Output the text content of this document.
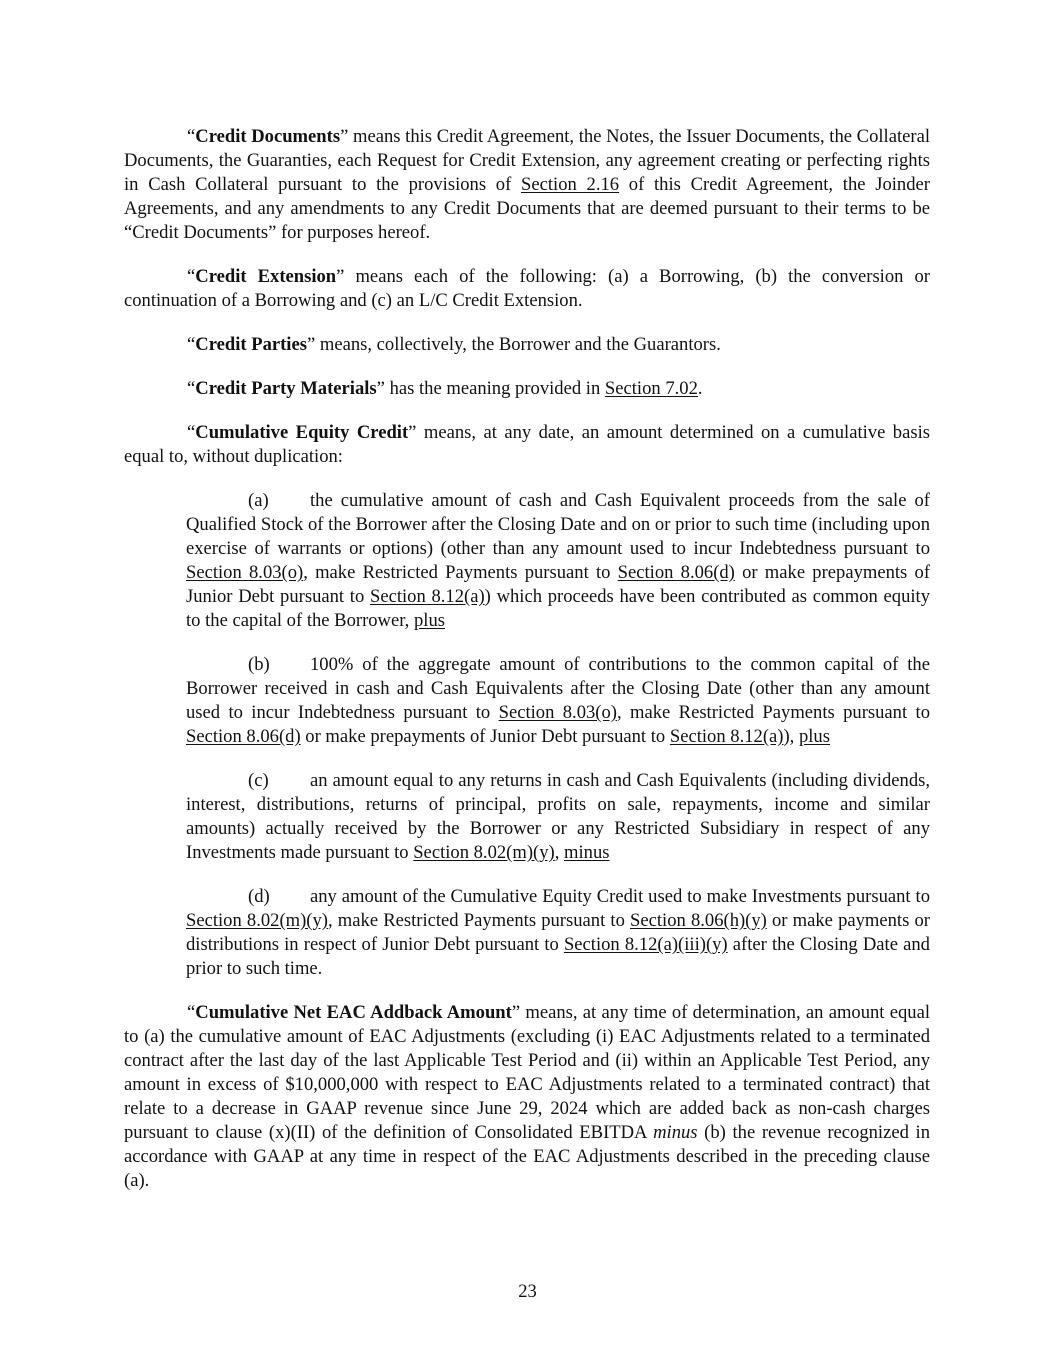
“Credit Documents” means this Credit Agreement, the Notes, the Issuer Documents, the Collateral Documents, the Guaranties, each Request for Credit Extension, any agreement creating or perfecting rights in Cash Collateral pursuant to the provisions of Section 2.16 of this Credit Agreement, the Joinder Agreements, and any amendments to any Credit Documents that are deemed pursuant to their terms to be “Credit Documents” for purposes hereof.

“Credit Extension” means each of the following: (a) a Borrowing, (b) the conversion or continuation of a Borrowing and (c) an L/C Credit Extension.

“Credit Parties” means, collectively, the Borrower and the Guarantors.

“Credit Party Materials” has the meaning provided in Section 7.02.

“Cumulative Equity Credit” means, at any date, an amount determined on a cumulative basis equal to, without duplication:

(a) the cumulative amount of cash and Cash Equivalent proceeds from the sale of Qualified Stock of the Borrower after the Closing Date and on or prior to such time (including upon exercise of warrants or options) (other than any amount used to incur Indebtedness pursuant to Section 8.03(o), make Restricted Payments pursuant to Section 8.06(d) or make prepayments of Junior Debt pursuant to Section 8.12(a)) which proceeds have been contributed as common equity to the capital of the Borrower, plus

(b) 100% of the aggregate amount of contributions to the common capital of the Borrower received in cash and Cash Equivalents after the Closing Date (other than any amount used to incur Indebtedness pursuant to Section 8.03(o), make Restricted Payments pursuant to Section 8.06(d) or make prepayments of Junior Debt pursuant to Section 8.12(a)), plus

(c) an amount equal to any returns in cash and Cash Equivalents (including dividends, interest, distributions, returns of principal, profits on sale, repayments, income and similar amounts) actually received by the Borrower or any Restricted Subsidiary in respect of any Investments made pursuant to Section 8.02(m)(y), minus

(d) any amount of the Cumulative Equity Credit used to make Investments pursuant to Section 8.02(m)(y), make Restricted Payments pursuant to Section 8.06(h)(y) or make payments or distributions in respect of Junior Debt pursuant to Section 8.12(a)(iii)(y) after the Closing Date and prior to such time.

“Cumulative Net EAC Addback Amount” means, at any time of determination, an amount equal to (a) the cumulative amount of EAC Adjustments (excluding (i) EAC Adjustments related to a terminated contract after the last day of the last Applicable Test Period and (ii) within an Applicable Test Period, any amount in excess of $10,000,000 with respect to EAC Adjustments related to a terminated contract) that relate to a decrease in GAAP revenue since June 29, 2024 which are added back as non-cash charges pursuant to clause (x)(II) of the definition of Consolidated EBITDA minus (b) the revenue recognized in accordance with GAAP at any time in respect of the EAC Adjustments described in the preceding clause (a).

23
